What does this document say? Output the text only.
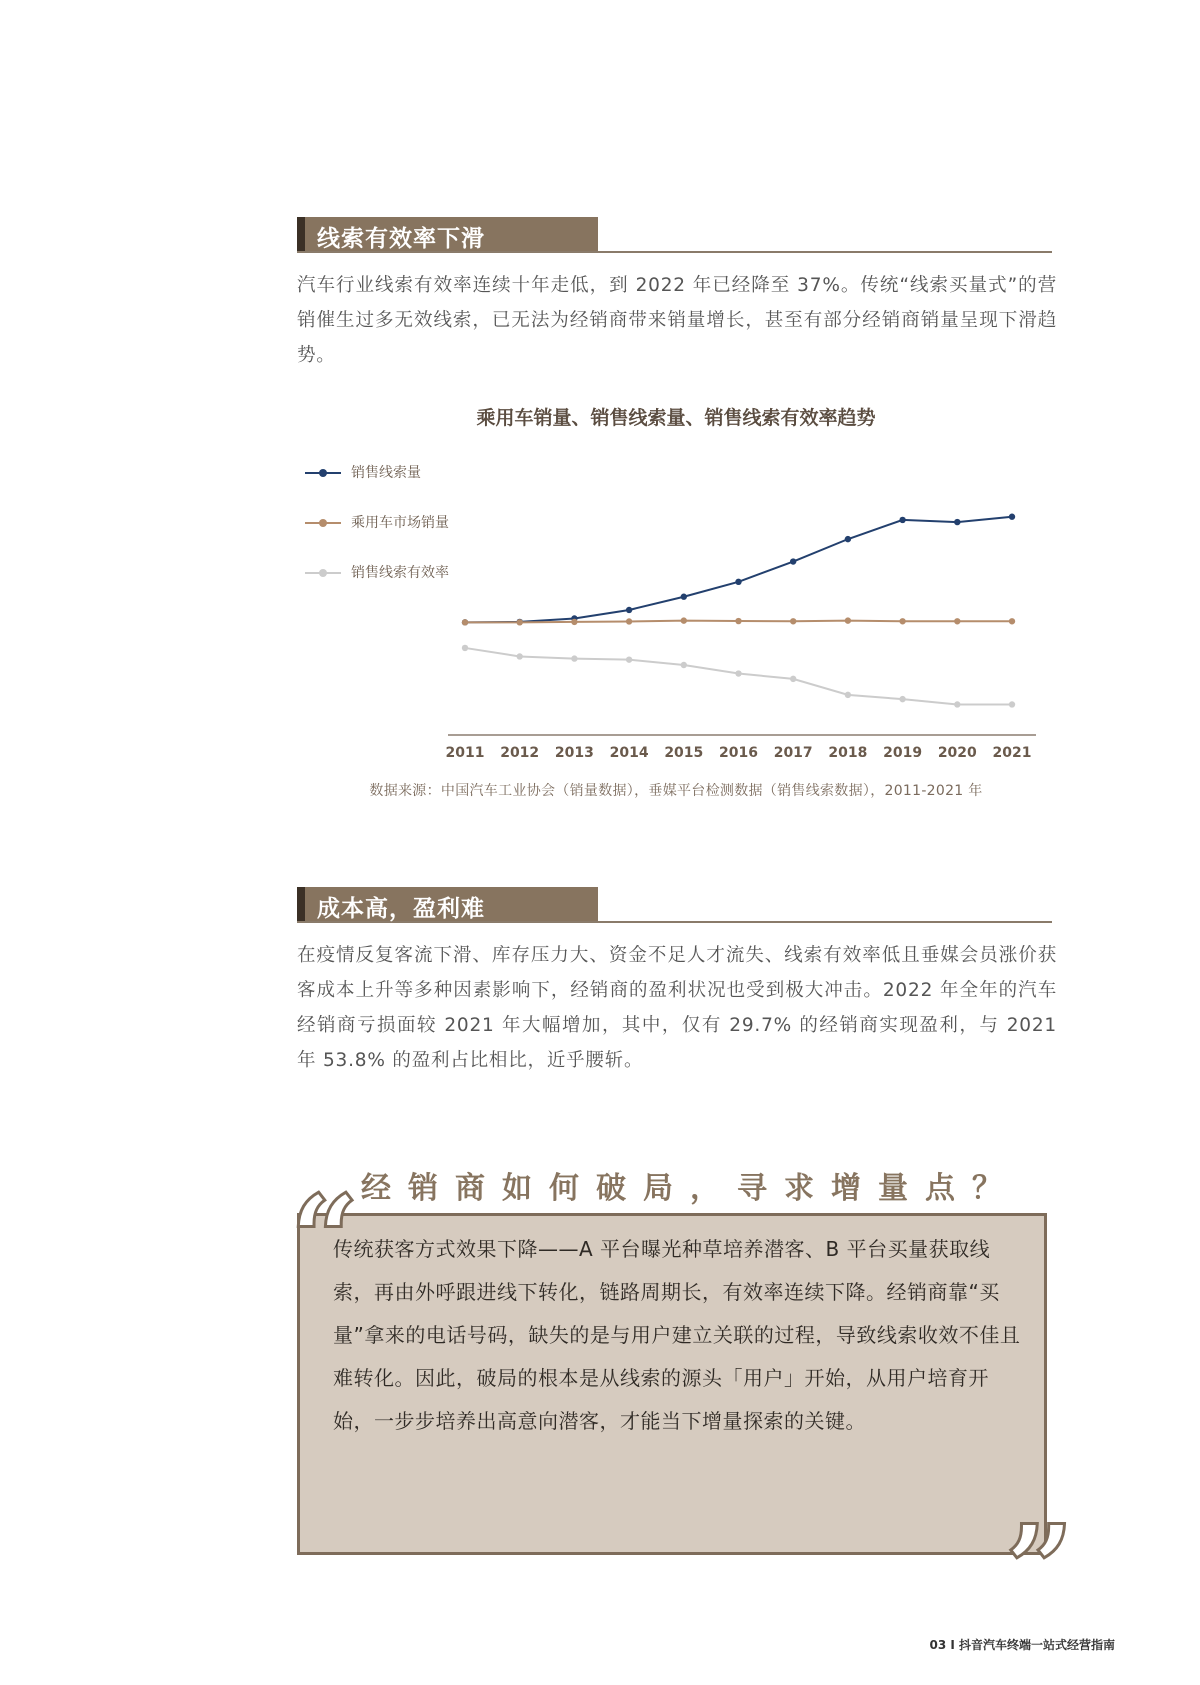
线索有效率下滑

汽车行业线索有效率连续十年走低，到 2022 年已经降至 37%。传统“线索买量式”的营销催生过多无效线索，已无法为经销商带来销量增长，甚至有部分经销商销量呈现下滑趋势。

乘用车销量、销售线索量、销售线索有效率趋势
销售线索量
乘用车市场销量
销售线索有效率
2011 2012 2013 2014 2015 2016 2017 2018 2019 2020 2021
数据来源：中国汽车工业协会（销量数据），垂媒平台检测数据（销售线索数据），2011-2021 年
成本高，盈利难

在疫情反复客流下滑、库存压力大、资金不足人才流失、线索有效率低且垂媒会员涨价获客成本上升等多种因素影响下，经销商的盈利状况也受到极大冲击。2022 年全年的汽车经销商亏损面较 2021 年大幅增加，其中，仅有 29.7% 的经销商实现盈利，与 2021 年 53.8% 的盈利占比相比，近乎腰斩。

经销商如何破局，寻求增量点？

传统获客方式效果下降——A 平台曝光种草培养潜客、B 平台买量获取线索，再由外呼跟进线下转化，链路周期长，有效率连续下降。经销商靠“买量”拿来的电话号码，缺失的是与用户建立关联的过程，导致线索收效不佳且难转化。因此，破局的根本是从线索的源头「用户」开始，从用户培育开始，一步步培养出高意向潜客，才能当下增量探索的关键。

“
”
03 I 抖音汽车终端一站式经营指南
